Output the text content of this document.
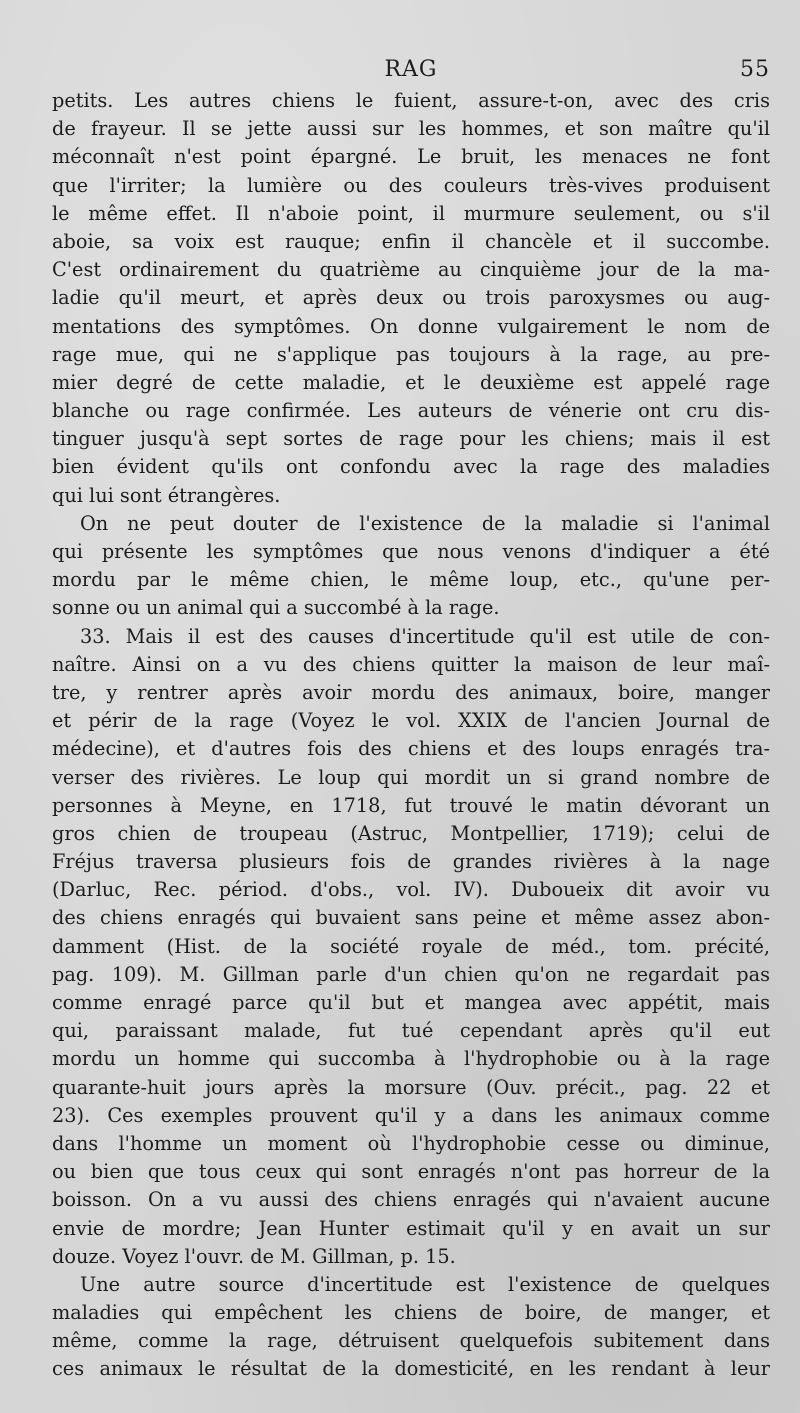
RAG	55
petits. Les autres chiens le fuient, assure-t-on, avec des cris
de frayeur. Il se jette aussi sur les hommes, et son maître qu'il
méconnaît n'est point épargné. Le bruit, les menaces ne font
que l'irriter; la lumière ou des couleurs très-vives produisent
le même effet. Il n'aboie point, il murmure seulement, ou s'il
aboie, sa voix est rauque; enfin il chancèle et il succombe.
C'est ordinairement du quatrième au cinquième jour de la ma-
ladie qu'il meurt, et après deux ou trois paroxysmes ou aug-
mentations des symptômes. On donne vulgairement le nom de
rage mue, qui ne s'applique pas toujours à la rage, au pre-
mier degré de cette maladie, et le deuxième est appelé rage
blanche ou rage confirmée. Les auteurs de vénerie ont cru dis-
tinguer jusqu'à sept sortes de rage pour les chiens; mais il est
bien évident qu'ils ont confondu avec la rage des maladies
qui lui sont étrangères.
On ne peut douter de l'existence de la maladie si l'animal
qui présente les symptômes que nous venons d'indiquer a été
mordu par le même chien, le même loup, etc., qu'une per-
sonne ou un animal qui a succombé à la rage.
33. Mais il est des causes d'incertitude qu'il est utile de con-
naître. Ainsi on a vu des chiens quitter la maison de leur maî-
tre, y rentrer après avoir mordu des animaux, boire, manger
et périr de la rage (Voyez le vol. XXIX de l'ancien Journal de
médecine), et d'autres fois des chiens et des loups enragés tra-
verser des rivières. Le loup qui mordit un si grand nombre de
personnes à Meyne, en 1718, fut trouvé le matin dévorant un
gros chien de troupeau (Astruc, Montpellier, 1719); celui de
Fréjus traversa plusieurs fois de grandes rivières à la nage
(Darluc, Rec. périod. d'obs., vol. IV). Duboueix dit avoir vu
des chiens enragés qui buvaient sans peine et même assez abon-
damment (Hist. de la société royale de méd., tom. précité,
pag. 109). M. Gillman parle d'un chien qu'on ne regardait pas
comme enragé parce qu'il but et mangea avec appétit, mais
qui, paraissant malade, fut tué cependant après qu'il eut
mordu un homme qui succomba à l'hydrophobie ou à la rage
quarante-huit jours après la morsure (Ouv. précit., pag. 22 et
23). Ces exemples prouvent qu'il y a dans les animaux comme
dans l'homme un moment où l'hydrophobie cesse ou diminue,
ou bien que tous ceux qui sont enragés n'ont pas horreur de la
boisson. On a vu aussi des chiens enragés qui n'avaient aucune
envie de mordre; Jean Hunter estimait qu'il y en avait un sur
douze. Voyez l'ouvr. de M. Gillman, p. 15.
Une autre source d'incertitude est l'existence de quelques
maladies qui empêchent les chiens de boire, de manger, et
même, comme la rage, détruisent quelquefois subitement dans
ces animaux le résultat de la domesticité, en les rendant à leur
